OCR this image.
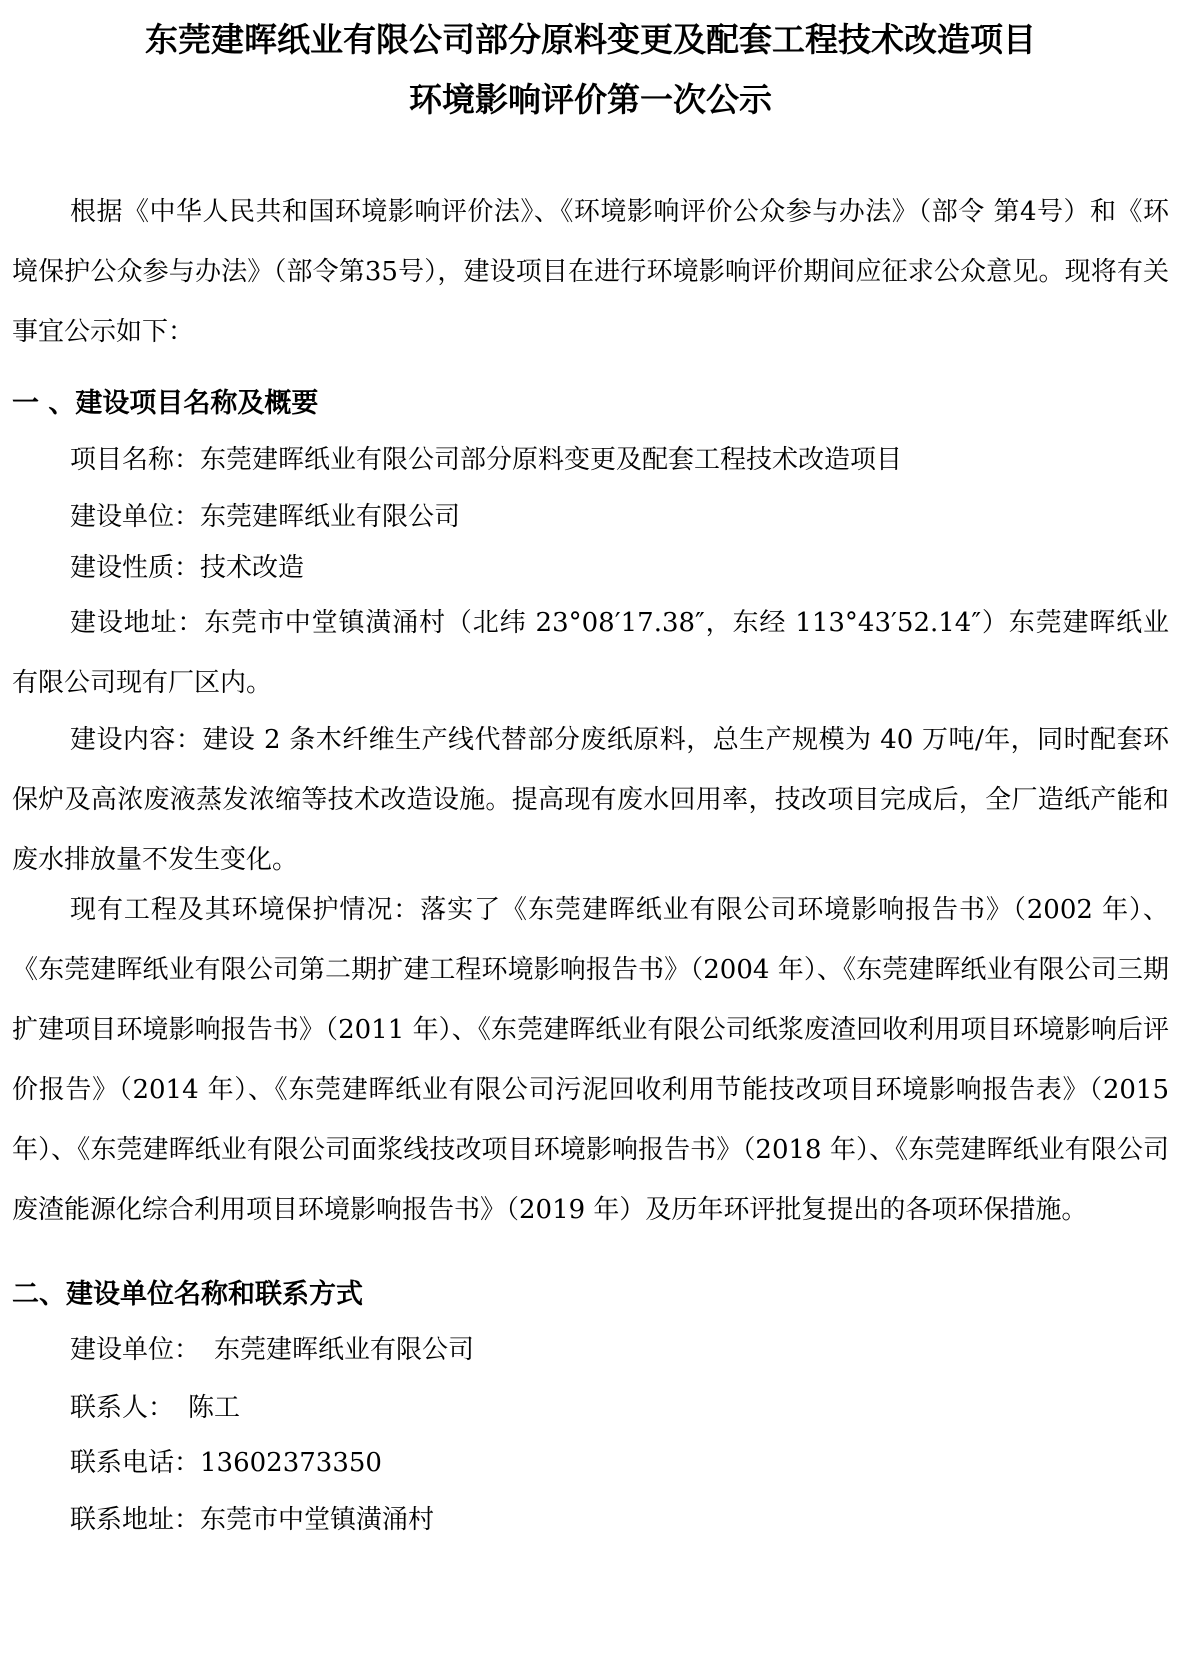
东莞建晖纸业有限公司部分原料变更及配套工程技术改造项目
环境影响评价第一次公示

根据《中华人民共和国环境影响评价法》、《环境影响评价公众参与办法》（部令 第4号）和《环境保护公众参与办法》（部令第35号），建设项目在进行环境影响评价期间应征求公众意见。现将有关事宜公示如下：

一 、建设项目名称及概要

项目名称：东莞建晖纸业有限公司部分原料变更及配套工程技术改造项目

建设单位：东莞建晖纸业有限公司

建设性质：技术改造

建设地址：东莞市中堂镇潢涌村（北纬 23°08′17.38″，东经 113°43′52.14″）东莞建晖纸业有限公司现有厂区内。

建设内容：建设 2 条木纤维生产线代替部分废纸原料，总生产规模为 40 万吨/年，同时配套环保炉及高浓废液蒸发浓缩等技术改造设施。提高现有废水回用率，技改项目完成后，全厂造纸产能和废水排放量不发生变化。

现有工程及其环境保护情况：落实了《东莞建晖纸业有限公司环境影响报告书》（2002 年）、《东莞建晖纸业有限公司第二期扩建工程环境影响报告书》（2004 年）、《东莞建晖纸业有限公司三期扩建项目环境影响报告书》（2011 年）、《东莞建晖纸业有限公司纸浆废渣回收利用项目环境影响后评价报告》（2014 年）、《东莞建晖纸业有限公司污泥回收利用节能技改项目环境影响报告表》（2015 年）、《东莞建晖纸业有限公司面浆线技改项目环境影响报告书》（2018 年）、《东莞建晖纸业有限公司废渣能源化综合利用项目环境影响报告书》（2019 年）及历年环评批复提出的各项环保措施。

二、建设单位名称和联系方式

建设单位： 东莞建晖纸业有限公司

联系人： 陈工

联系电话：13602373350

联系地址：东莞市中堂镇潢涌村
